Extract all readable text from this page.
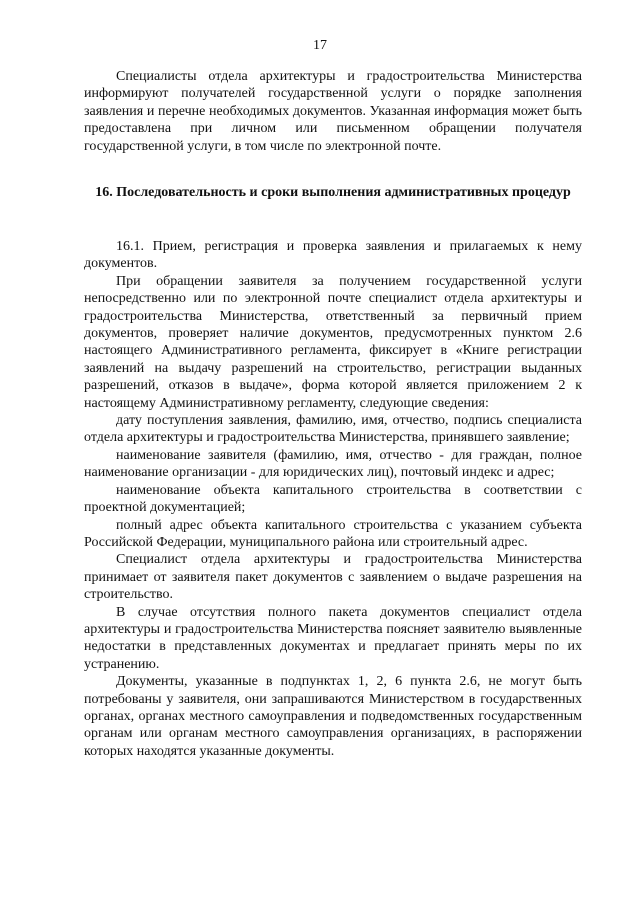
17

Специалисты отдела архитектуры и градостроительства Министерства информируют получателей государственной услуги о порядке заполнения заявления и перечне необходимых документов. Указанная информация может быть предоставлена при личном или письменном обращении получателя государственной услуги, в том числе по электронной почте.

16. Последовательность и сроки выполнения административных процедур

16.1. Прием, регистрация и проверка заявления и прилагаемых к нему документов.

При обращении заявителя за получением государственной услуги непосредственно или по электронной почте специалист отдела архитектуры и градостроительства Министерства, ответственный за первичный прием документов, проверяет наличие документов, предусмотренных пунктом 2.6 настоящего Административного регламента, фиксирует в «Книге регистрации заявлений на выдачу разрешений на строительство, регистрации выданных разрешений, отказов в выдаче», форма которой является приложением 2 к настоящему Административному регламенту, следующие сведения:

дату поступления заявления, фамилию, имя, отчество, подпись специалиста отдела архитектуры и градостроительства Министерства, принявшего заявление;

наименование заявителя (фамилию, имя, отчество - для граждан, полное наименование организации - для юридических лиц), почтовый индекс и адрес;

наименование объекта капитального строительства в соответствии с проектной документацией;

полный адрес объекта капитального строительства с указанием субъекта Российской Федерации, муниципального района или строительный адрес.

Специалист отдела архитектуры и градостроительства Министерства принимает от заявителя пакет документов с заявлением о выдаче разрешения на строительство.

В случае отсутствия полного пакета документов специалист отдела архитектуры и градостроительства Министерства поясняет заявителю выявленные недостатки в представленных документах и предлагает принять меры по их устранению.

Документы, указанные в подпунктах 1, 2, 6 пункта 2.6, не могут быть потребованы у заявителя, они запрашиваются Министерством в государственных органах, органах местного самоуправления и подведомственных государственным органам или органам местного самоуправления организациях, в распоряжении которых находятся указанные документы.
